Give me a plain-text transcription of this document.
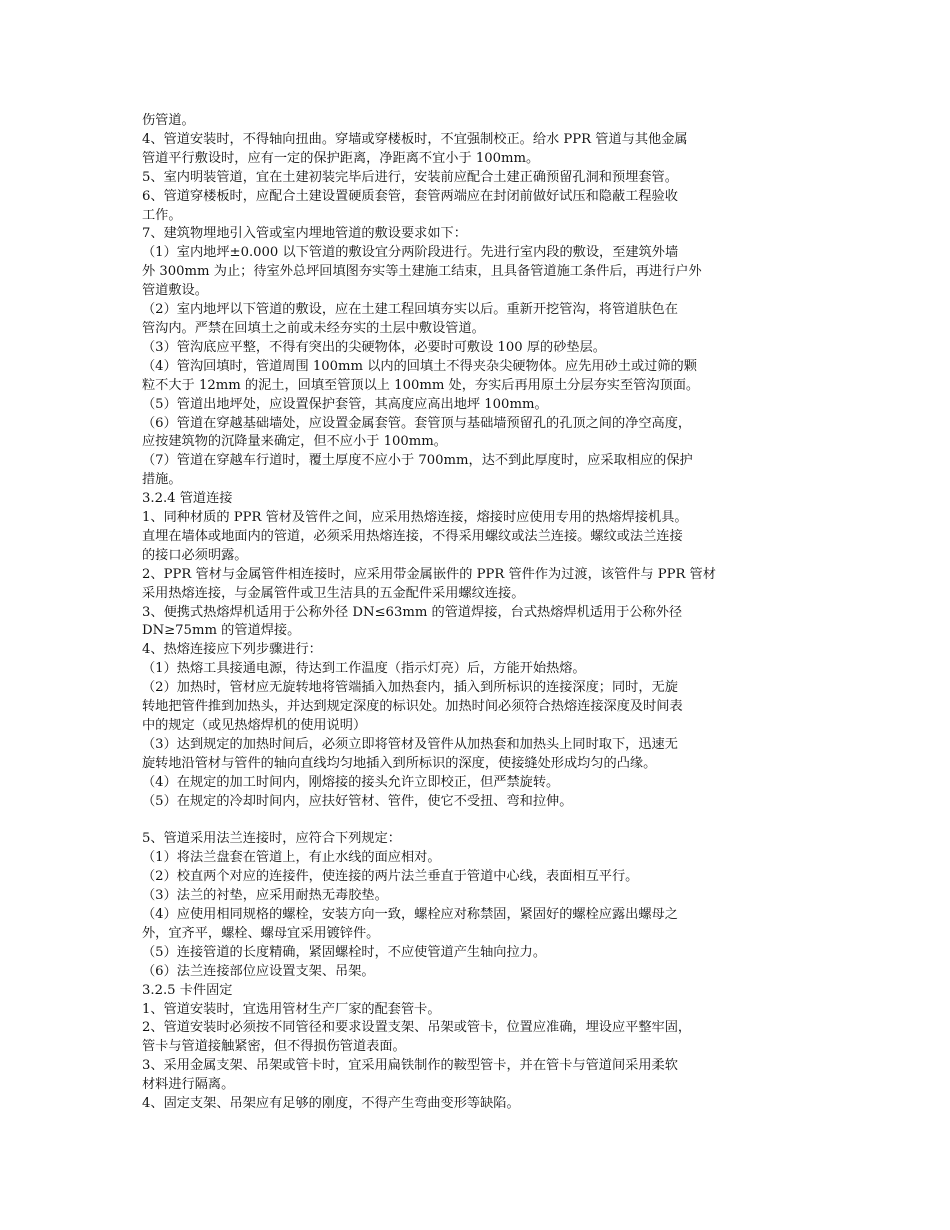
伤管道。
4、管道安装时，不得轴向扭曲。穿墙或穿楼板时，不宜强制校正。给水 PPR 管道与其他金属
管道平行敷设时，应有一定的保护距离，净距离不宜小于 100mm。
5、室内明装管道，宜在土建初装完毕后进行，安装前应配合土建正确预留孔洞和预埋套管。
6、管道穿楼板时，应配合土建设置硬质套管，套管两端应在封闭前做好试压和隐蔽工程验收
工作。
7、建筑物埋地引入管或室内埋地管道的敷设要求如下：
（1）室内地坪±0.000 以下管道的敷设宜分两阶段进行。先进行室内段的敷设，至建筑外墙
外 300mm 为止；待室外总坪回填图夯实等土建施工结束，且具备管道施工条件后，再进行户外
管道敷设。
（2）室内地坪以下管道的敷设，应在土建工程回填夯实以后。重新开挖管沟，将管道肤色在
管沟内。严禁在回填土之前或未经夯实的土层中敷设管道。
（3）管沟底应平整，不得有突出的尖硬物体，必要时可敷设 100 厚的砂垫层。
（4）管沟回填时，管道周围 100mm 以内的回填土不得夹杂尖硬物体。应先用砂土或过筛的颗
粒不大于 12mm 的泥土，回填至管顶以上 100mm 处，夯实后再用原土分层夯实至管沟顶面。
（5）管道出地坪处，应设置保护套管，其高度应高出地坪 100mm。
（6）管道在穿越基础墙处，应设置金属套管。套管顶与基础墙预留孔的孔顶之间的净空高度，
应按建筑物的沉降量来确定，但不应小于 100mm。
（7）管道在穿越车行道时，覆土厚度不应小于 700mm，达不到此厚度时，应采取相应的保护
措施。
3.2.4 管道连接
1、同种材质的 PPR 管材及管件之间，应采用热熔连接，熔接时应使用专用的热熔焊接机具。
直埋在墙体或地面内的管道，必须采用热熔连接，不得采用螺纹或法兰连接。螺纹或法兰连接
的接口必须明露。
2、PPR 管材与金属管件相连接时，应采用带金属嵌件的 PPR 管件作为过渡，该管件与 PPR 管材
采用热熔连接，与金属管件或卫生洁具的五金配件采用螺纹连接。
3、便携式热熔焊机适用于公称外径 DN≤63mm 的管道焊接，台式热熔焊机适用于公称外径
DN≥75mm 的管道焊接。
4、热熔连接应下列步骤进行：
（1）热熔工具接通电源，待达到工作温度（指示灯亮）后，方能开始热熔。
（2）加热时，管材应无旋转地将管端插入加热套内，插入到所标识的连接深度；同时，无旋
转地把管件推到加热头，并达到规定深度的标识处。加热时间必须符合热熔连接深度及时间表
中的规定（或见热熔焊机的使用说明）
（3）达到规定的加热时间后，必须立即将管材及管件从加热套和加热头上同时取下，迅速无
旋转地沿管材与管件的轴向直线均匀地插入到所标识的深度，使接缝处形成均匀的凸缘。
（4）在规定的加工时间内，刚熔接的接头允许立即校正，但严禁旋转。
（5）在规定的冷却时间内，应扶好管材、管件，使它不受扭、弯和拉伸。
5、管道采用法兰连接时，应符合下列规定：
（1）将法兰盘套在管道上，有止水线的面应相对。
（2）校直两个对应的连接件，使连接的两片法兰垂直于管道中心线，表面相互平行。
（3）法兰的衬垫，应采用耐热无毒胶垫。
（4）应使用相同规格的螺栓，安装方向一致，螺栓应对称禁固，紧固好的螺栓应露出螺母之
外，宜齐平，螺栓、螺母宜采用镀锌件。
（5）连接管道的长度精确，紧固螺栓时，不应使管道产生轴向拉力。
（6）法兰连接部位应设置支架、吊架。
3.2.5 卡件固定
1、管道安装时，宜选用管材生产厂家的配套管卡。
2、管道安装时必须按不同管径和要求设置支架、吊架或管卡，位置应准确，埋设应平整牢固，
管卡与管道接触紧密，但不得损伤管道表面。
3、采用金属支架、吊架或管卡时，宜采用扁铁制作的鞍型管卡，并在管卡与管道间采用柔软
材料进行隔离。
4、固定支架、吊架应有足够的刚度，不得产生弯曲变形等缺陷。
